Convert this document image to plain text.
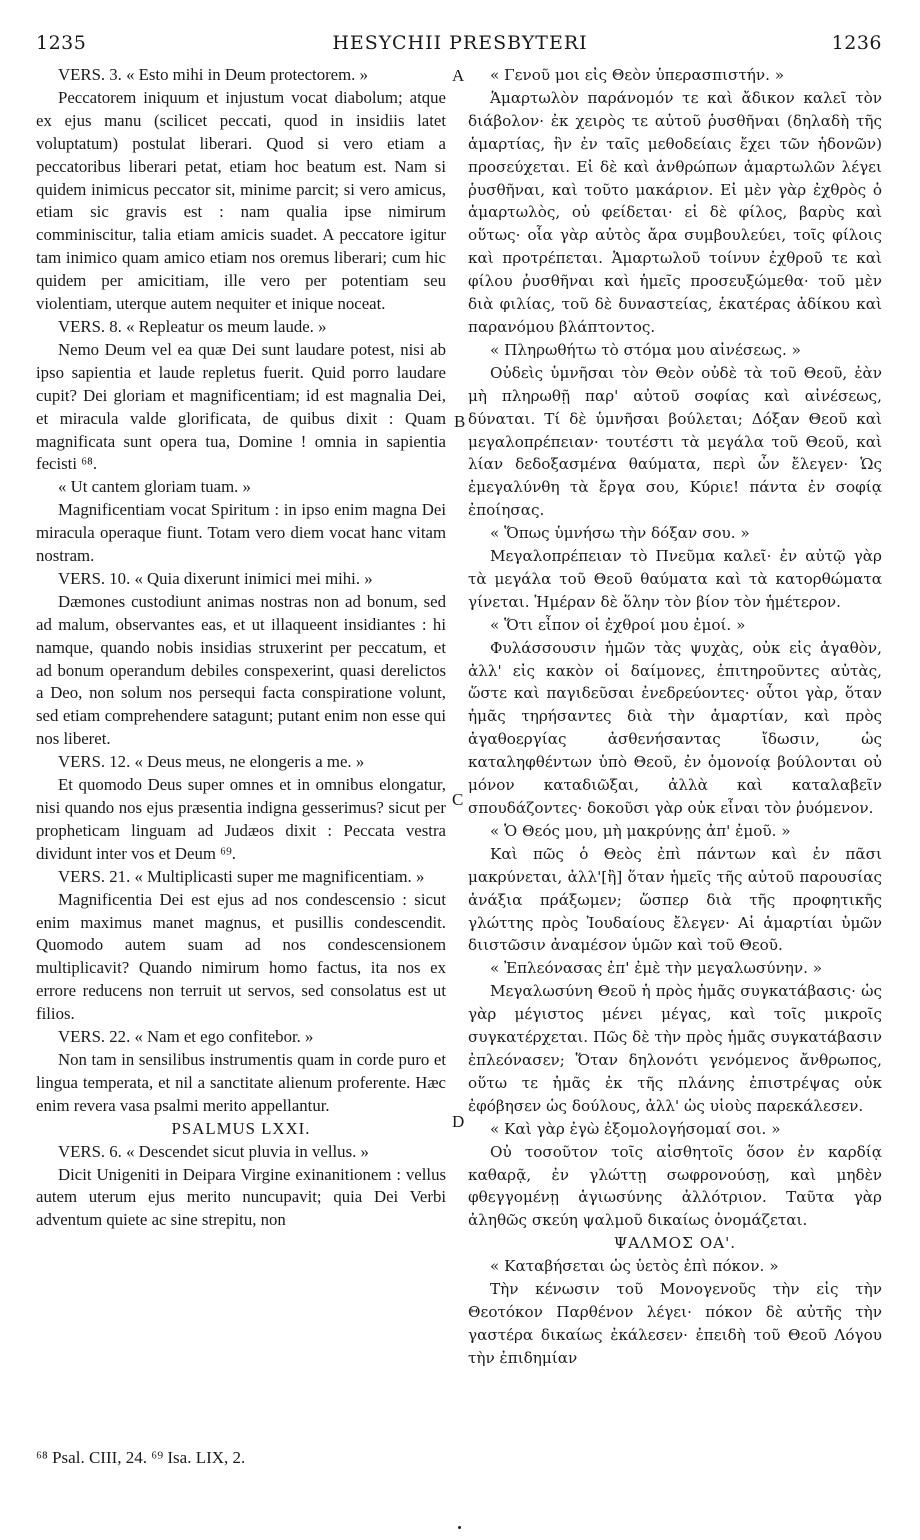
1235	HESYCHII PRESBYTERI	1236

VERS. 3. « Esto mihi in Deum protectorem. »

Peccatorem iniquum et injustum vocat diabolum; atque ex ejus manu (scilicet peccati, quod in insidiis latet voluptatum) postulat liberari. Quod si vero etiam a peccatoribus liberari petat, etiam hoc beatum est. Nam si quidem inimicus peccator sit, minime parcit; si vero amicus, etiam sic gravis est : nam qualia ipse nimirum comminiscitur, talia etiam amicis suadet. A peccatore igitur tam inimico quam amico etiam nos oremus liberari; cum hic quidem per amicitiam, ille vero per potentiam seu violentiam, uterque autem nequiter et inique noceat.

VERS. 8. « Repleatur os meum laude. »

Nemo Deum vel ea quæ Dei sunt laudare potest, nisi ab ipso sapientia et laude repletus fuerit. Quid porro laudare cupit? Dei gloriam et magnificentiam; id est magnalia Dei, et miracula valde glorificata, de quibus dixit : Quam magnificata sunt opera tua, Domine ! omnia in sapientia fecisti ⁶⁸.

« Ut cantem gloriam tuam. »

Magnificentiam vocat Spiritum : in ipso enim magna Dei miracula operaque fiunt. Totam vero diem vocat hanc vitam nostram.

VERS. 10. « Quia dixerunt inimici mei mihi. »

Dæmones custodiunt animas nostras non ad bonum, sed ad malum, observantes eas, et ut illaqueent insidiantes : hi namque, quando nobis insidias struxerint per peccatum, et ad bonum operandum debiles conspexerint, quasi derelictos a Deo, non solum nos persequi facta conspiratione volunt, sed etiam comprehendere satagunt; putant enim non esse qui nos liberet.

VERS. 12. « Deus meus, ne elongeris a me. »

Et quomodo Deus super omnes et in omnibus elongatur, nisi quando nos ejus præsentia indigna gesserimus? sicut per propheticam linguam ad Judæos dixit : Peccata vestra dividunt inter vos et Deum ⁶⁹.

VERS. 21. « Multiplicasti super me magnificentiam. »

Magnificentia Dei est ejus ad nos condescensio : sicut enim maximus manet magnus, et pusillis condescendit. Quomodo autem suam ad nos condescensionem multiplicavit? Quando nimirum homo factus, ita nos ex errore reducens non terruit ut servos, sed consolatus est ut filios.

VERS. 22. « Nam et ego confitebor. »

Non tam in sensilibus instrumentis quam in corde puro et lingua temperata, et nil a sanctitate alienum proferente. Hæc enim revera vasa psalmi merito appellantur.

PSALMUS LXXI.

VERS. 6. « Descendet sicut pluvia in vellus. »

Dicit Unigeniti in Deipara Virgine exinanitionem : vellus autem uterum ejus merito nuncupavit; quia Dei Verbi adventum quiete ac sine strepitu, non

« Γενοῦ μοι εἰς Θεὸν ὑπερασπιστήν. »

Ἁμαρτωλὸν παράνομόν τε καὶ ἄδικον καλεῖ τὸν διάβολον· ἐκ χειρὸς τε αὐτοῦ ῥυσθῆναι (δηλαδὴ τῆς ἁμαρτίας, ἣν ἐν ταῖς μεθοδείαις ἔχει τῶν ἡδονῶν) προσεύχεται. Εἰ δὲ καὶ ἀνθρώπων ἁμαρτωλῶν λέγει ῥυσθῆναι, καὶ τοῦτο μακάριον. Εἰ μὲν γὰρ ἐχθρὸς ὁ ἁμαρτωλὸς, οὐ φείδεται· εἰ δὲ φίλος, βαρὺς καὶ οὕτως· οἷα γὰρ αὐτὸς ἄρα συμβουλεύει, τοῖς φίλοις καὶ προτρέπεται. Ἁμαρτωλοῦ τοίνυν ἐχθροῦ τε καὶ φίλου ῥυσθῆναι καὶ ἡμεῖς προσευξώμεθα· τοῦ μὲν διὰ φιλίας, τοῦ δὲ δυναστείας, ἑκατέρας ἀδίκου καὶ παρανόμου βλάπτοντος.

« Πληρωθήτω τὸ στόμα μου αἰνέσεως. »

Οὐδεὶς ὑμνῆσαι τὸν Θεὸν οὐδὲ τὰ τοῦ Θεοῦ, ἐὰν μὴ πληρωθῇ παρ' αὐτοῦ σοφίας καὶ αἰνέσεως, δύναται. Τί δὲ ὑμνῆσαι βούλεται; Δόξαν Θεοῦ καὶ μεγαλοπρέπειαν· τουτέστι τὰ μεγάλα τοῦ Θεοῦ, καὶ λίαν δεδοξασμένα θαύματα, περὶ ὧν ἔλεγεν· Ὡς ἐμεγαλύνθη τὰ ἔργα σου, Κύριε! πάντα ἐν σοφίᾳ ἐποίησας.

« Ὅπως ὑμνήσω τὴν δόξαν σου. »

Μεγαλοπρέπειαν τὸ Πνεῦμα καλεῖ· ἐν αὐτῷ γὰρ τὰ μεγάλα τοῦ Θεοῦ θαύματα καὶ τὰ κατορθώματα γίνεται. Ἡμέραν δὲ ὅλην τὸν βίον τὸν ἡμέτερον.

« Ὅτι εἶπον οἱ ἐχθροί μου ἐμοί. »

Φυλάσσουσιν ἡμῶν τὰς ψυχὰς, οὐκ εἰς ἀγαθὸν, ἀλλ' εἰς κακὸν οἱ δαίμονες, ἐπιτηροῦντες αὐτὰς, ὥστε καὶ παγιδεῦσαι ἐνεδρεύοντες· οὗτοι γὰρ, ὅταν ἡμᾶς τηρήσαντες διὰ τὴν ἁμαρτίαν, καὶ πρὸς ἀγαθοεργίας ἀσθενήσαντας ἴδωσιν, ὡς καταληφθέντων ὑπὸ Θεοῦ, ἐν ὁμονοίᾳ βούλονται οὐ μόνον καταδιῶξαι, ἀλλὰ καὶ καταλαβεῖν σπουδάζοντες· δοκοῦσι γὰρ οὐκ εἶναι τὸν ῥυόμενον.

« Ὁ Θεός μου, μὴ μακρύνῃς ἀπ' ἐμοῦ. »

Καὶ πῶς ὁ Θεὸς ἐπὶ πάντων καὶ ἐν πᾶσι μακρύνεται, ἀλλ'[ἢ] ὅταν ἡμεῖς τῆς αὐτοῦ παρουσίας ἀνάξια πράξωμεν; ὥσπερ διὰ τῆς προφητικῆς γλώττης πρὸς Ἰουδαίους ἔλεγεν· Αἱ ἁμαρτίαι ὑμῶν διιστῶσιν ἀναμέσον ὑμῶν καὶ τοῦ Θεοῦ.

« Ἐπλεόνασας ἐπ' ἐμὲ τὴν μεγαλωσύνην. »

Μεγαλωσύνη Θεοῦ ἡ πρὸς ἡμᾶς συγκατάβασις· ὡς γὰρ μέγιστος μένει μέγας, καὶ τοῖς μικροῖς συγκατέρχεται. Πῶς δὲ τὴν πρὸς ἡμᾶς συγκατάβασιν ἐπλεόνασεν; Ὅταν δηλονότι γενόμενος ἄνθρωπος, οὕτω τε ἡμᾶς ἐκ τῆς πλάνης ἐπιστρέψας οὐκ ἐφόβησεν ὡς δούλους, ἀλλ' ὡς υἱοὺς παρεκάλεσεν.

« Καὶ γὰρ ἐγὼ ἐξομολογήσομαί σοι. »

Οὐ τοσοῦτον τοῖς αἰσθητοῖς ὅσον ἐν καρδίᾳ καθαρᾷ, ἐν γλώττῃ σωφρονούσῃ, καὶ μηδὲν φθεγγομένῃ ἁγιωσύνης ἀλλότριον. Ταῦτα γὰρ ἀληθῶς σκεύη ψαλμοῦ δικαίως ὀνομάζεται.

ΨΑΛΜΟΣ ΟΑ'.

« Καταβήσεται ὡς ὑετὸς ἐπὶ πόκον. »

Τὴν κένωσιν τοῦ Μονογενοῦς τὴν εἰς τὴν Θεοτόκον Παρθένον λέγει· πόκον δὲ αὐτῆς τὴν γαστέρα δικαίως ἐκάλεσεν· ἐπειδὴ τοῦ Θεοῦ Λόγου τὴν ἐπιδημίαν

A
B
C
D
⁶⁸ Psal. CIII, 24. ⁶⁹ Isa. LIX, 2.
